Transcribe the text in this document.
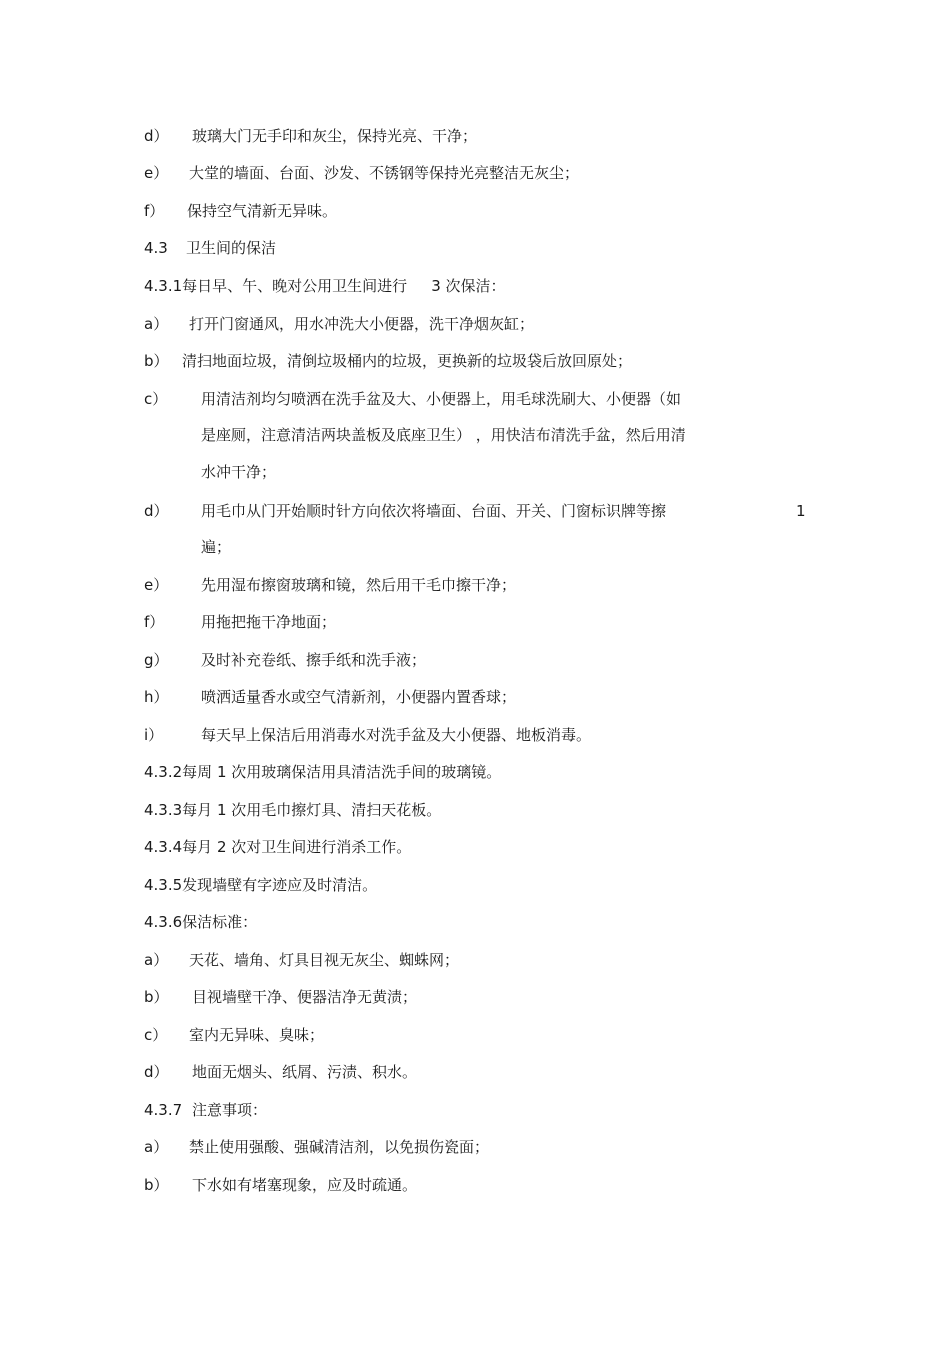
d） 玻璃大门无手印和灰尘，保持光亮、干净；
e） 大堂的墙面、台面、沙发、不锈钢等保持光亮整洁无灰尘；
f） 保持空气清新无异味。
4.3 卫生间的保洁
4.3.1每日早、午、晚对公用卫生间进行 3 次保洁：
a） 打开门窗通风，用水冲洗大小便器，洗干净烟灰缸；
b） 清扫地面垃圾，清倒垃圾桶内的垃圾，更换新的垃圾袋后放回原处；
c） 用清洁剂均匀喷洒在洗手盆及大、小便器上，用毛球洗刷大、小便器（如
是座厕，注意清洁两块盖板及底座卫生） ，用快洁布清洗手盆，然后用清
水冲干净；
d） 用毛巾从门开始顺时针方向依次将墙面、台面、开关、门窗标识牌等擦	1
遍；
e） 先用湿布擦窗玻璃和镜，然后用干毛巾擦干净；
f） 用拖把拖干净地面；
g） 及时补充卷纸、擦手纸和洗手液；
h） 喷洒适量香水或空气清新剂，小便器内置香球；
i）	每天早上保洁后用消毒水对洗手盆及大小便器、地板消毒。
4.3.2每周 1 次用玻璃保洁用具清洁洗手间的玻璃镜。
4.3.3每月 1 次用毛巾擦灯具、清扫天花板。
4.3.4每月 2 次对卫生间进行消杀工作。
4.3.5发现墙壁有字迹应及时清洁。
4.3.6保洁标准：
a） 天花、墙角、灯具目视无灰尘、蜘蛛网；
b） 目视墙壁干净、便器洁净无黄渍；
c） 室内无异味、臭味；
d） 地面无烟头、纸屑、污渍、积水。
4.3.7 注意事项：
a） 禁止使用强酸、强碱清洁剂，以免损伤瓷面；
b） 下水如有堵塞现象，应及时疏通。
